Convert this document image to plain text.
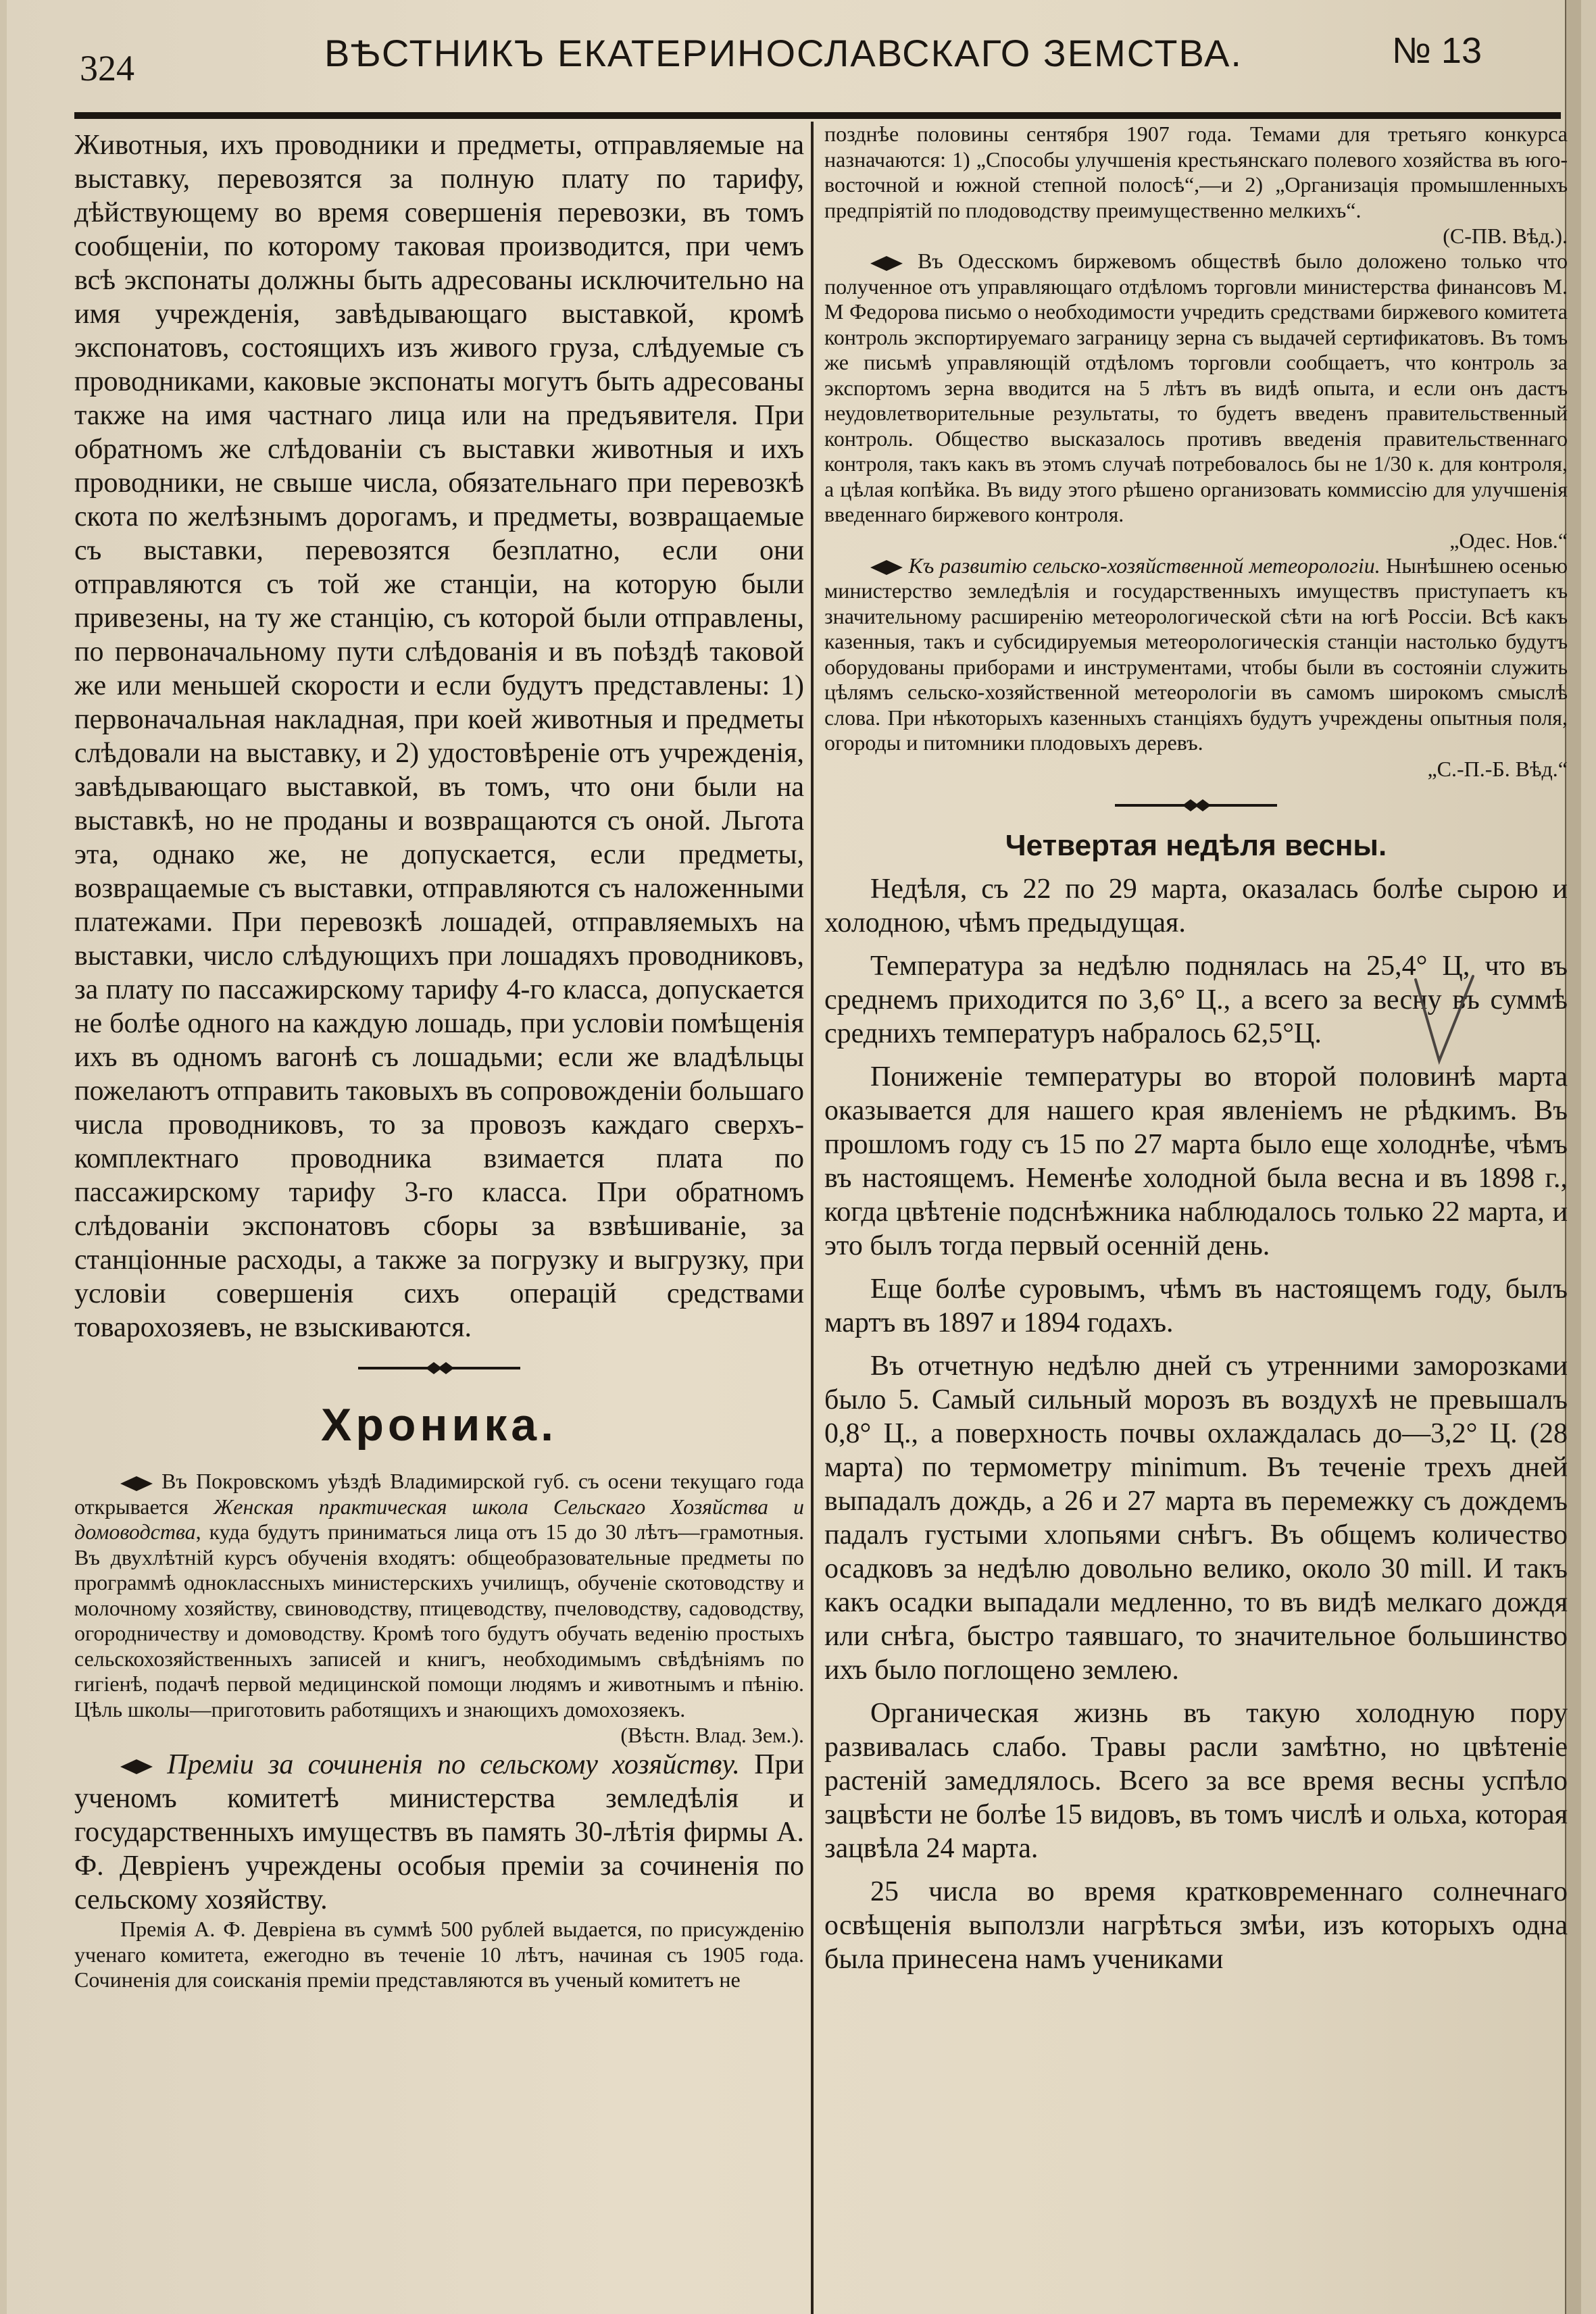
324	ВѢСТНИКЪ ЕКАТЕРИНОСЛАВСКАГО ЗЕМСТВА.	№ 13

Животныя, ихъ проводники и предметы, отправляемые на выставку, перевозятся за полную плату по тарифу, дѣйствующему во время совершенія перевозки, въ томъ сообщеніи, по которому таковая производится, при чемъ всѣ экспонаты должны быть адресованы исключительно на имя учрежденія, завѣдывающаго выставкой, кромѣ экспонатовъ, состоящихъ изъ живого груза, слѣдуемые съ проводниками, каковые экспонаты могутъ быть адресованы также на имя частнаго лица или на предъявителя. При обратномъ же слѣдованіи съ выставки животныя и ихъ проводники, не свыше числа, обязательнаго при перевозкѣ скота по желѣзнымъ дорогамъ, и предметы, возвращаемые съ выставки, перевозятся безплатно, если они отправляются съ той же станціи, на которую были привезены, на ту же станцію, съ которой были отправлены, по первоначальному пути слѣдованія и въ поѣздѣ таковой же или меньшей скорости и если будутъ представлены: 1) первоначальная накладная, при коей животныя и предметы слѣдовали на выставку, и 2) удостовѣреніе отъ учрежденія, завѣдывающаго выставкой, въ томъ, что они были на выставкѣ, но не проданы и возвращаются съ оной. Льгота эта, однако же, не допускается, если предметы, возвращаемые съ выставки, отправляются съ наложенными платежами. При перевозкѣ лошадей, отправляемыхъ на выставки, число слѣдующихъ при лошадяхъ проводниковъ, за плату по пассажирскому тарифу 4-го класса, допускается не болѣе одного на каждую лошадь, при условіи помѣщенія ихъ въ одномъ вагонѣ съ лошадьми; если же владѣльцы пожелаютъ отправить таковыхъ въ сопровожденіи большаго числа проводниковъ, то за провозъ каждаго сверхъ-комплектнаго проводника взимается плата по пассажирскому тарифу 3-го класса. При обратномъ слѣдованіи экспонатовъ сборы за взвѣшиваніе, за станціонные расходы, а также за погрузку и выгрузку, при условіи совершенія сихъ операцій средствами товарохозяевъ, не взыскиваются.

Хроника.

Въ Покровскомъ уѣздѣ Владимирской губ. съ осени текущаго года открывается Женская практическая школа Сельскаго Хозяйства и домоводства, куда будутъ приниматься лица отъ 15 до 30 лѣтъ—грамотныя. Въ двухлѣтній курсъ обученія входятъ: общеобразовательные предметы по программѣ одноклассныхъ министерскихъ училищъ, обученіе скотоводству и молочному хозяйству, свиноводству, птицеводству, пчеловодству, садоводству, огородничеству и домоводству. Кромѣ того будутъ обучать веденію простыхъ сельскохозяйственныхъ записей и книгъ, необходимымъ свѣдѣніямъ по гигіенѣ, подачѣ первой медицинской помощи людямъ и животнымъ и пѣнію. Цѣль школы—приготовить работящихъ и знающихъ домохозяекъ.

(Вѣстн. Влад. Зем.).

Преміи за сочиненія по сельскому хозяйству. При ученомъ комитетѣ министерства земледѣлія и государственныхъ имуществъ въ память 30-лѣтія фирмы А. Ф. Девріенъ учреждены особыя преміи за сочиненія по сельскому хозяйству.

Премія А. Ф. Девріена въ суммѣ 500 рублей выдается, по присужденію ученаго комитета, ежегодно въ теченіе 10 лѣтъ, начиная съ 1905 года. Сочиненія для соисканія преміи представляются въ ученый комитетъ не

позднѣе половины сентября 1907 года. Темами для третьяго конкурса назначаются: 1) „Способы улучшенія крестьянскаго полевого хозяйства въ юго-восточной и южной степной полосѣ“,—и 2) „Организація промышленныхъ предпріятій по плодоводству преимущественно мелкихъ“.

(С-ПВ. Вѣд.).

Въ Одесскомъ биржевомъ обществѣ было доложено только что полученное отъ управляющаго отдѣломъ торговли министерства финансовъ М. М Федорова письмо о необходимости учредить средствами биржевого комитета контроль экспортируемаго заграницу зерна съ выдачей сертификатовъ. Въ томъ же письмѣ управляющій отдѣломъ торговли сообщаетъ, что контроль за экспортомъ зерна вводится на 5 лѣтъ въ видѣ опыта, и если онъ дастъ неудовлетворительные результаты, то будетъ введенъ правительственный контроль. Общество высказалось противъ введенія правительственнаго контроля, такъ какъ въ этомъ случаѣ потребовалось бы не 1/30 к. для контроля, а цѣлая копѣйка. Въ виду этого рѣшено организовать коммиссію для улучшенія введеннаго биржевого контроля.

„Одес. Нов.“

Къ развитію сельско-хозяйственной метеорологіи. Нынѣшнею осенью министерство земледѣлія и государственныхъ имуществъ приступаетъ къ значительному расширенію метеорологической сѣти на югѣ Россіи. Всѣ какъ казенныя, такъ и субсидируемыя метеорологическія станціи настолько будутъ оборудованы приборами и инструментами, чтобы были въ состояніи служить цѣлямъ сельско-хозяйственной метеорологіи въ самомъ широкомъ смыслѣ слова. При нѣкоторыхъ казенныхъ станціяхъ будутъ учреждены опытныя поля, огороды и питомники плодовыхъ деревъ.

„С.-П.-Б. Вѣд.“

Четвертая недѣля весны.

Недѣля, съ 22 по 29 марта, оказалась болѣе сырою и холодною, чѣмъ предыдущая.

Температура за недѣлю поднялась на 25,4° Ц, что въ среднемъ приходится по 3,6° Ц., а всего за весну въ суммѣ среднихъ температуръ набралось 62,5°Ц.

Пониженіе температуры во второй половинѣ марта оказывается для нашего края явленіемъ не рѣдкимъ. Въ прошломъ году съ 15 по 27 марта было еще холоднѣе, чѣмъ въ настоящемъ. Неменѣе холодной была весна и въ 1898 г., когда цвѣтеніе подснѣжника наблюдалось только 22 марта, и это былъ тогда первый осенній день.

Еще болѣе суровымъ, чѣмъ въ настоящемъ году, былъ мартъ въ 1897 и 1894 годахъ.

Въ отчетную недѣлю дней съ утренними заморозками было 5. Самый сильный морозъ въ воздухѣ не превышалъ 0,8° Ц., а поверхность почвы охлаждалась до—3,2° Ц. (28 марта) по термометру minimum. Въ теченіе трехъ дней выпадалъ дождь, а 26 и 27 марта въ перемежку съ дождемъ падалъ густыми хлопьями снѣгъ. Въ общемъ количество осадковъ за недѣлю довольно велико, около 30 mill. И такъ какъ осадки выпадали медленно, то въ видѣ мелкаго дождя или снѣга, быстро таявшаго, то значительное большинство ихъ было поглощено землею.

Органическая жизнь въ такую холодную пору развивалась слабо. Травы расли замѣтно, но цвѣтеніе растеній замедлялось. Всего за все время весны успѣло зацвѣсти не болѣе 15 видовъ, въ томъ числѣ и ольха, которая зацвѣла 24 марта.

25 числа во время кратковременнаго солнечнаго освѣщенія выползли нагрѣться змѣи, изъ которыхъ одна была принесена намъ учениками
